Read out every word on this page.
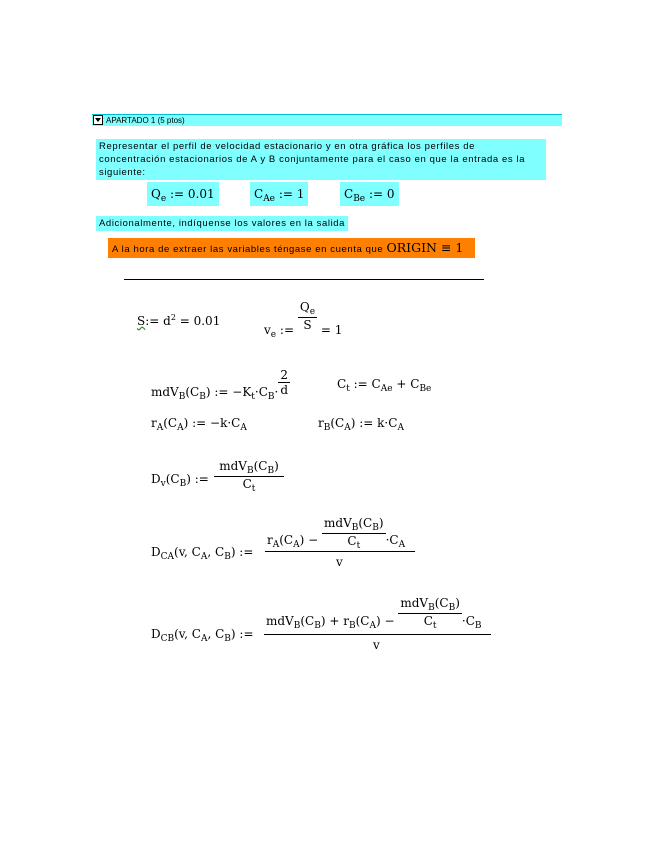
APARTADO 1 (5 ptos)
Representar el perfil de velocidad estacionario y en otra gráfica los perfiles de concentración estacionarios de A y B conjuntamente para el caso en que la entrada es la siguiente:
$Q_e$ := 0.01	$C_{Ae}$ := 1	$C_{Be}$ := 0
Adicionalmente, indíquense los valores en la salida
A la hora de extraer las variables téngase en cuenta que ORIGIN ≡ 1
S:= $d^2 = 0.01$
$v_e$ := $\frac{Q_e}{S} = 1$
$mdV_B(C_B)$ := $-K_t\cdot C_B\cdot \frac{2}{d}$	$C_t$ := $C_{Ae} + C_{Be}$
$r_A(C_A)$ := $-k\cdot C_A$	$r_B(C_A)$ := $k\cdot C_A$
$D_v(C_B)$ :=
$mdV_B(C_B)$
$C_t$
$D_{CA}(v$, $C_A$, $C_B$) :=
$r_A(C_A) - \frac{mdV_B(C_B)}{C_t} \cdot C_A$
v
$D_{CB}(v$, $C_A$, $C_B$) :=
$mdV_B(C_B) + r_B(C_A) - \frac{mdV_B(C_B)}{C_t} \cdot C_B$
v
